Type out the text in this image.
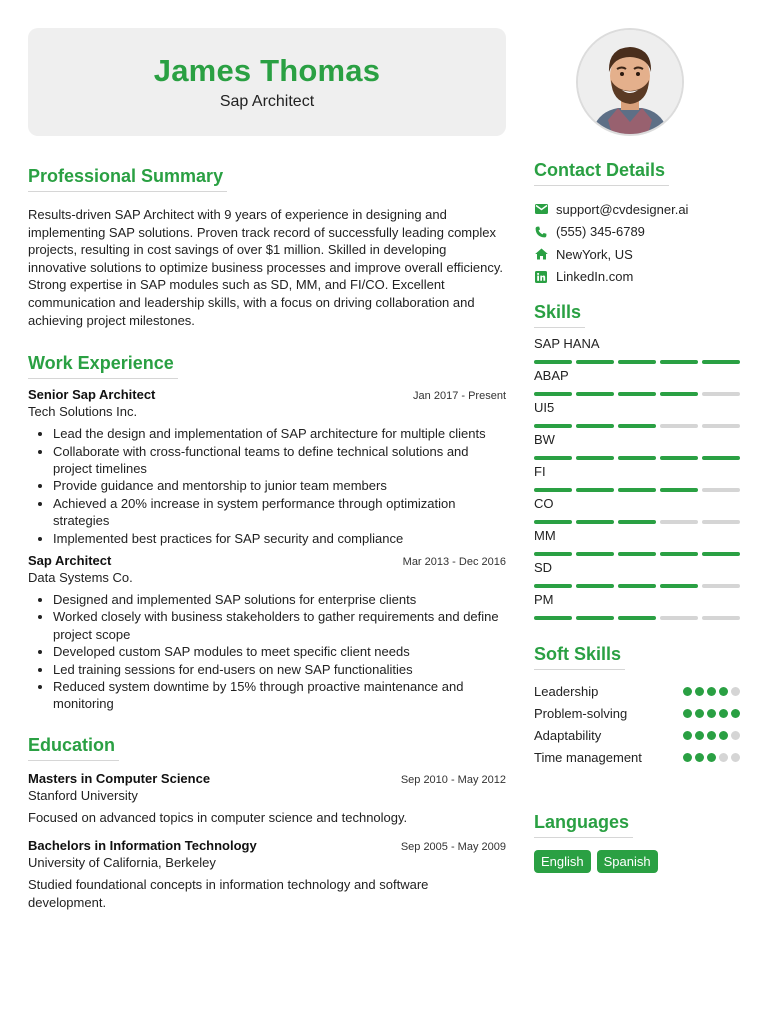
James Thomas
Sap Architect
Professional Summary

Results-driven SAP Architect with 9 years of experience in designing and implementing SAP solutions. Proven track record of successfully leading complex projects, resulting in cost savings of over $1 million. Skilled in developing innovative solutions to optimize business processes and improve overall efficiency. Strong expertise in SAP modules such as SD, MM, and FI/CO. Excellent communication and leadership skills, with a focus on driving collaboration and achieving project milestones.

Work Experience
Senior Sap Architect	Jan 2017 - Present
Tech Solutions Inc.
• Lead the design and implementation of SAP architecture for multiple clients
• Collaborate with cross-functional teams to define technical solutions and project timelines
• Provide guidance and mentorship to junior team members
• Achieved a 20% increase in system performance through optimization strategies
• Implemented best practices for SAP security and compliance
Sap Architect	Mar 2013 - Dec 2016
Data Systems Co.
• Designed and implemented SAP solutions for enterprise clients
• Worked closely with business stakeholders to gather requirements and define project scope
• Developed custom SAP modules to meet specific client needs
• Led training sessions for end-users on new SAP functionalities
• Reduced system downtime by 15% through proactive maintenance and monitoring
Education
Masters in Computer Science	Sep 2010 - May 2012
Stanford University

Focused on advanced topics in computer science and technology.

Bachelors in Information Technology	Sep 2005 - May 2009
University of California, Berkeley

Studied foundational concepts in information technology and software development.

Contact Details
support@cvdesigner.ai
(555) 345-6789
NewYork, US
LinkedIn.com
Skills
SAP HANA
ABAP
UI5
BW
FI
CO
MM
SD
PM
Soft Skills
Leadership
Problem-solving
Adaptability
Time management
Languages
English	Spanish
